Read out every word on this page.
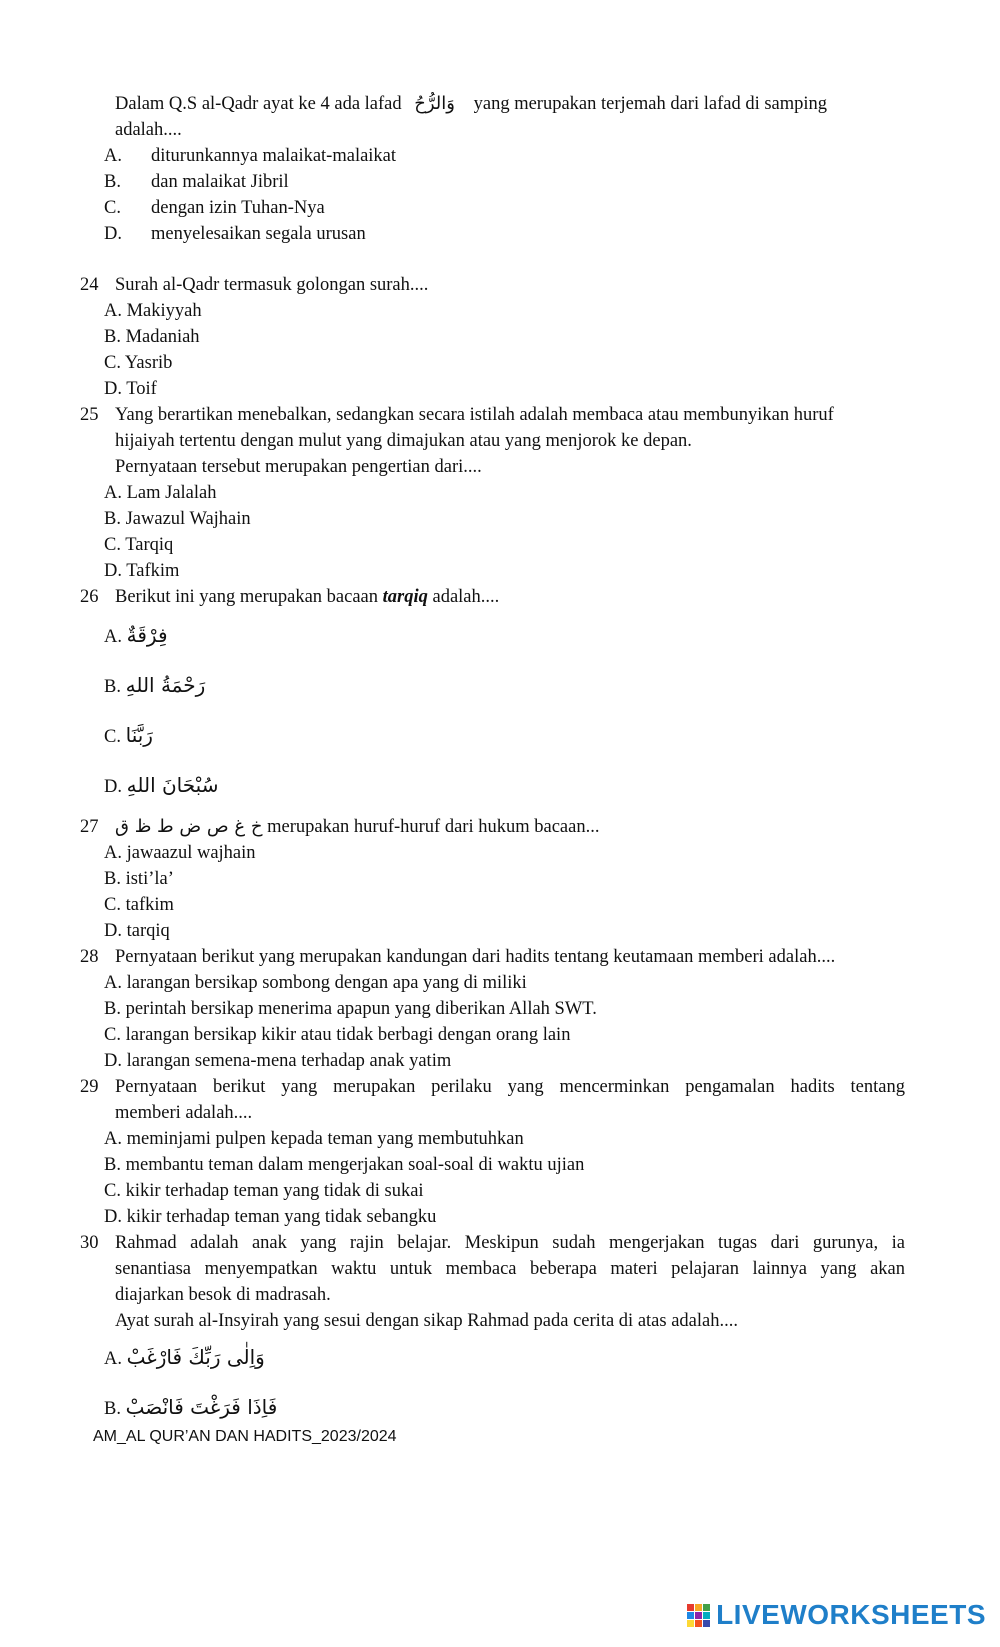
Dalam Q.S al-Qadr ayat ke 4 ada lafad وَالرُّحُ yang merupakan terjemah dari lafad di samping
adalah....
A. diturunkannya malaikat-malaikat
B. dan malaikat Jibril
C. dengan izin Tuhan-Nya
D. menyelesaikan segala urusan
24 Surah al-Qadr termasuk golongan surah....
A. Makiyyah
B. Madaniah
C. Yasrib
D. Toif
25 Yang berartikan menebalkan, sedangkan secara istilah adalah membaca atau membunyikan huruf
hijaiyah tertentu dengan mulut yang dimajukan atau yang menjorok ke depan.
Pernyataan tersebut merupakan pengertian dari....
A. Lam Jalalah
B. Jawazul Wajhain
C. Tarqiq
D. Tafkim
26 Berikut ini yang merupakan bacaan tarqiq adalah....
A. فِرْقَةٌ
B. رَحْمَةُ اللهِ
C. رَبَّنَا
D. سُبْحَانَ اللهِ
27 خ غ ص ض ط ظ ق merupakan huruf-huruf dari hukum bacaan...
A. jawaazul wajhain
B. isti’la’
C. tafkim
D. tarqiq
28 Pernyataan berikut yang merupakan kandungan dari hadits tentang keutamaan memberi adalah....
A. larangan bersikap sombong dengan apa yang di miliki
B. perintah bersikap menerima apapun yang diberikan Allah SWT.
C. larangan bersikap kikir atau tidak berbagi dengan orang lain
D. larangan semena-mena terhadap anak yatim
29 Pernyataan berikut yang merupakan perilaku yang mencerminkan pengamalan hadits tentang
memberi adalah....
A. meminjami pulpen kepada teman yang membutuhkan
B. membantu teman dalam mengerjakan soal-soal di waktu ujian
C. kikir terhadap teman yang tidak di sukai
D. kikir terhadap teman yang tidak sebangku
30 Rahmad adalah anak yang rajin belajar. Meskipun sudah mengerjakan tugas dari gurunya, ia
senantiasa menyempatkan waktu untuk membaca beberapa materi pelajaran lainnya yang akan
diajarkan besok di madrasah.
Ayat surah al-Insyirah yang sesui dengan sikap Rahmad pada cerita di atas adalah....
A. وَاِلٰى رَبِّكَ فَارْغَبْ
B. فَاِذَا فَرَغْتَ فَانْصَبْ
AM_AL QUR’AN DAN HADITS_2023/2024
LIVEWORKSHEETS
